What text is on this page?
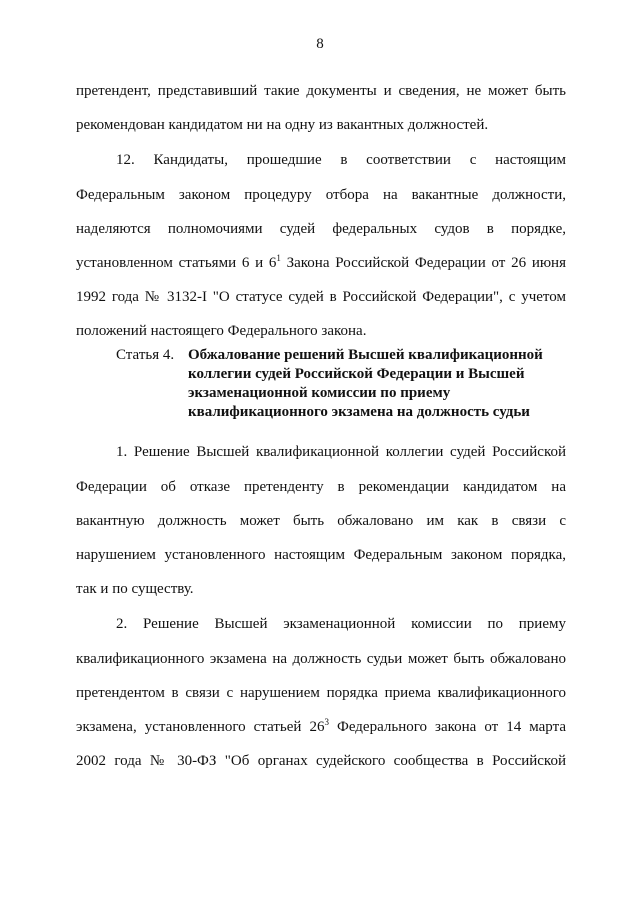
8
претендент, представивший такие документы и сведения, не может быть
рекомендован кандидатом ни на одну из вакантных должностей.
12. Кандидаты, прошедшие в соответствии с настоящим
Федеральным законом процедуру отбора на вакантные должности,
наделяются полномочиями судей федеральных судов в порядке,
установленном статьями 6 и $6^1$ Закона Российской Федерации от 26 июня
1992 года № 3132-I "О статусе судей в Российской Федерации", с учетом
положений настоящего Федерального закона.
Статья 4. Обжалование решений Высшей квалификационной коллегии судей Российской Федерации и Высшей экзаменационной комиссии по приему квалификационного экзамена на должность судьи
1. Решение Высшей квалификационной коллегии судей Российской
Федерации об отказе претенденту в рекомендации кандидатом на
вакантную должность может быть обжаловано им как в связи с
нарушением установленного настоящим Федеральным законом порядка,
так и по существу.
2. Решение Высшей экзаменационной комиссии по приему
квалификационного экзамена на должность судьи может быть обжаловано
претендентом в связи с нарушением порядка приема квалификационного
экзамена, установленного статьей $26^3$ Федерального закона от 14 марта
2002 года № 30-ФЗ "Об органах судейского сообщества в Российской
